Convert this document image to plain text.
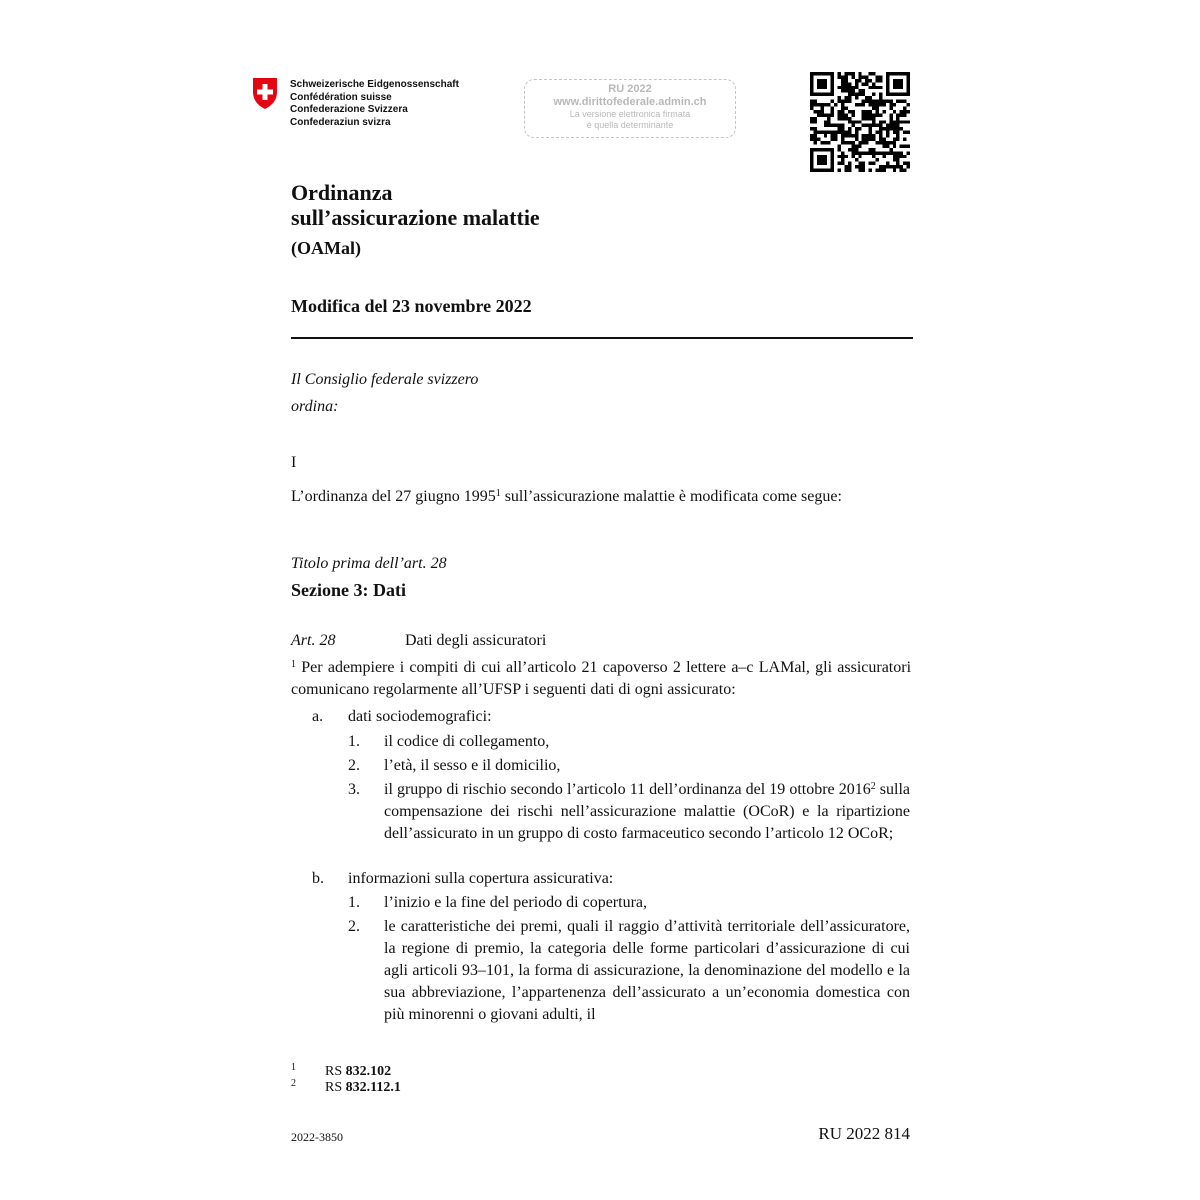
Schweizerische Eidgenossenschaft
Confédération suisse
Confederazione Svizzera
Confederaziun svizra
RU 2022
www.dirittofederale.admin.ch
La versione elettronica firmata
è quella determinante
Ordinanza
sull’assicurazione malattie
(OAMal)
Modifica del 23 novembre 2022
Il Consiglio federale svizzero
ordina:
I
L’ordinanza del 27 giugno 1995$^1$ sull’assicurazione malattie è modificata come segue:
Titolo prima dell’art. 28
Sezione 3: Dati
Art. 28	Dati degli assicuratori
$^1$ Per adempiere i compiti di cui all’articolo 21 capoverso 2 lettere a–c LAMal, gli assicuratori comunicano regolarmente all’UFSP i seguenti dati di ogni assicurato:
a. dati sociodemografici:
1. il codice di collegamento,
2. l’età, il sesso e il domicilio,
3. il gruppo di rischio secondo l’articolo 11 dell’ordinanza del 19 ottobre 2016$^2$ sulla compensazione dei rischi nell’assicurazione malattie (OCoR) e la ripartizione dell’assicurato in un gruppo di costo farmaceutico secondo l’articolo 12 OCoR;
b. informazioni sulla copertura assicurativa:
1. l’inizio e la fine del periodo di copertura,
2. le caratteristiche dei premi, quali il raggio d’attività territoriale dell’assicuratore, la regione di premio, la categoria delle forme particolari d’assicurazione di cui agli articoli 93–101, la forma di assicurazione, la denominazione del modello e la sua abbreviazione, l’appartenenza dell’assicurato a un’economia domestica con più minorenni o giovani adulti, il
1 RS 832.102
2 RS 832.112.1
2022-3850	RU 2022 814
